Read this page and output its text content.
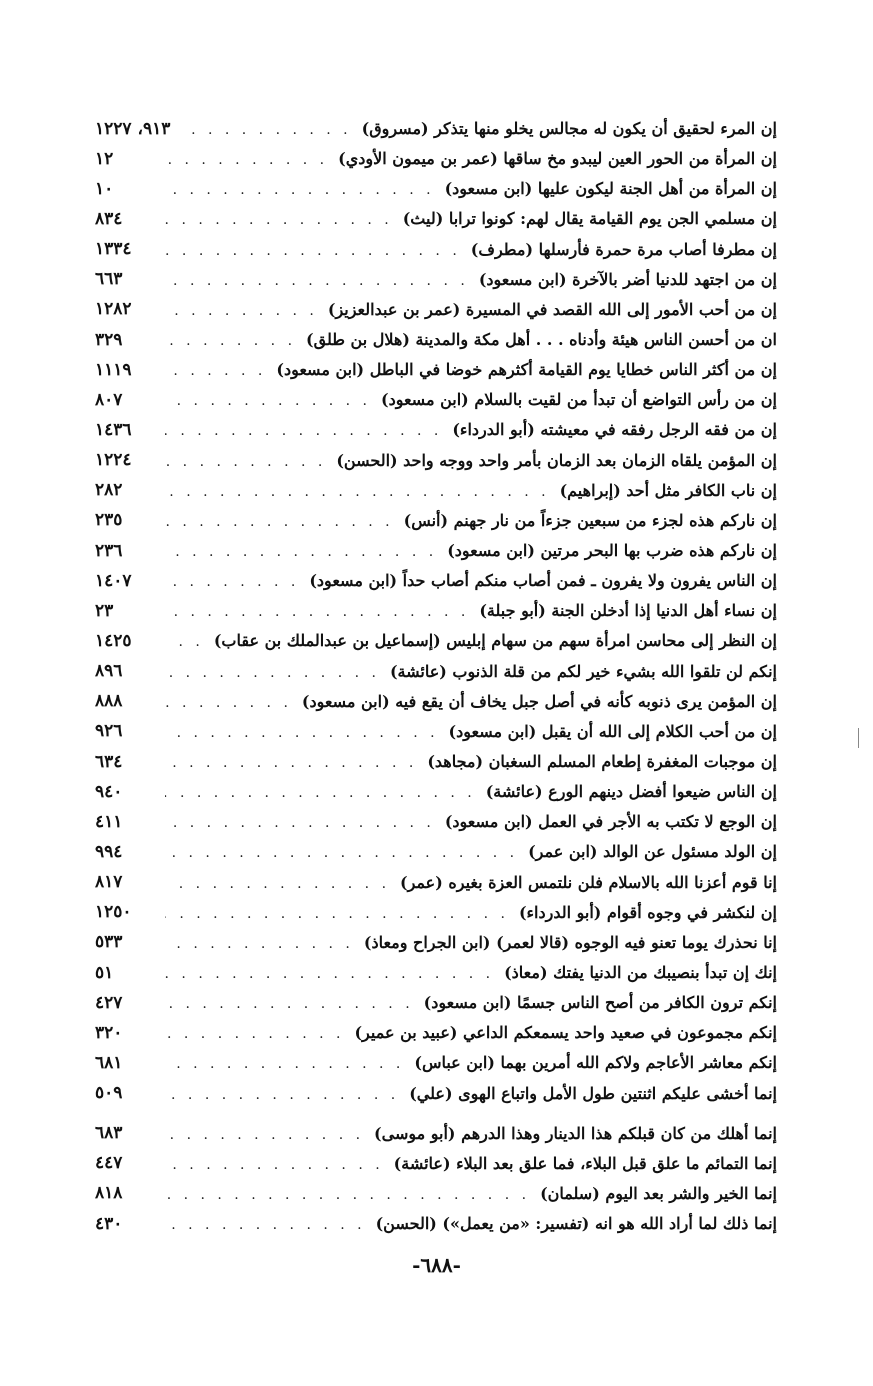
إن المرء لحقيق أن يكون له مجالس يخلو منها يتذكر (مسروق)
. . .
٩١٣، ١٢٢٧
إن المرأة من الحور العين ليبدو مخ ساقها (عمر بن ميمون الأودي)
. . .
١٢
إن المرأة من أهل الجنة ليكون عليها (ابن مسعود)
. . .
١٠
إن مسلمي الجن يوم القيامة يقال لهم: كونوا ترابا (ليث)
. . .
٨٣٤
إن مطرفا أصاب مرة حمرة فأرسلها (مطرف)
. . .
١٣٣٤
إن من اجتهد للدنيا أضر بالآخرة (ابن مسعود)
. . .
٦٦٣
إن من أحب الأمور إلى الله القصد في المسيرة (عمر بن عبدالعزيز)
. . .
١٢٨٢
ان من أحسن الناس هيئة وأدناه . . . أهل مكة والمدينة (هلال بن طلق)
. . .
٣٢٩
إن من أكثر الناس خطايا يوم القيامة أكثرهم خوضا في الباطل (ابن مسعود)
. . .
١١١٩
إن من رأس التواضع أن تبدأ من لقيت بالسلام (ابن مسعود)
. . .
٨٠٧
إن من فقه الرجل رفقه في معيشته (أبو الدرداء)
. . .
١٤٣٦
إن المؤمن يلقاه الزمان بعد الزمان بأمر واحد ووجه واحد (الحسن)
. . .
١٢٢٤
إن ناب الكافر مثل أحد (إبراهيم)
. . .
٢٨٢
إن ناركم هذه لجزء من سبعين جزءاً من نار جهنم (أنس)
. . .
٢٣٥
إن ناركم هذه ضرب بها البحر مرتين (ابن مسعود)
. . .
٢٣٦
إن الناس يفرون ولا يفرون ـ فمن أصاب منكم أصاب حداً (ابن مسعود)
. . .
١٤٠٧
إن نساء أهل الدنيا إذا أدخلن الجنة (أبو جبلة)
. . .
٢٣
إن النظر إلى محاسن امرأة سهم من سهام إبليس (إسماعيل بن عبدالملك بن عقاب)
. . .
١٤٢٥
إنكم لن تلقوا الله بشيء خير لكم من قلة الذنوب (عائشة)
. . .
٨٩٦
إن المؤمن يرى ذنوبه كأنه في أصل جبل يخاف أن يقع فيه (ابن مسعود)
. . .
٨٨٨
إن من أحب الكلام إلى الله أن يقبل (ابن مسعود)
. . .
٩٢٦
إن موجبات المغفرة إطعام المسلم السغبان (مجاهد)
. . .
٦٣٤
إن الناس ضيعوا أفضل دينهم الورع (عائشة)
. . .
٩٤٠
إن الوجع لا تكتب به الأجر في العمل (ابن مسعود)
. . .
٤١١
إن الولد مسئول عن الوالد (ابن عمر)
. . .
٩٩٤
إنا قوم أعزنا الله بالاسلام فلن نلتمس العزة بغيره (عمر)
. . .
٨١٧
إن لنكشر في وجوه أقوام (أبو الدرداء)
. . .
١٢٥٠
إنا نحذرك يوما تعنو فيه الوجوه (قالا لعمر) (ابن الجراح ومعاذ)
. . .
٥٣٣
إنك إن تبدأ بنصيبك من الدنيا يفتك (معاذ)
. . .
٥١
إنكم ترون الكافر من أصح الناس جسمًا (ابن مسعود)
. . .
٤٢٧
إنكم مجموعون في صعيد واحد يسمعكم الداعي (عبيد بن عمير)
. . .
٣٢٠
إنكم معاشر الأعاجم ولاكم الله أمرين بهما (ابن عباس)
. . .
٦٨١
إنما أخشى عليكم اثنتين طول الأمل واتباع الهوى (علي)
. . .
٥٠٩
إنما أهلك من كان قبلكم هذا الدينار وهذا الدرهم (أبو موسى)
. . .
٦٨٣
إنما التمائم ما علق قبل البلاء، فما علق بعد البلاء (عائشة)
. . .
٤٤٧
إنما الخير والشر بعد اليوم (سلمان)
. . .
٨١٨
إنما ذلك لما أراد الله هو انه (تفسير: «من يعمل») (الحسن)
. . .
٤٣٠
-٦٨٨-
